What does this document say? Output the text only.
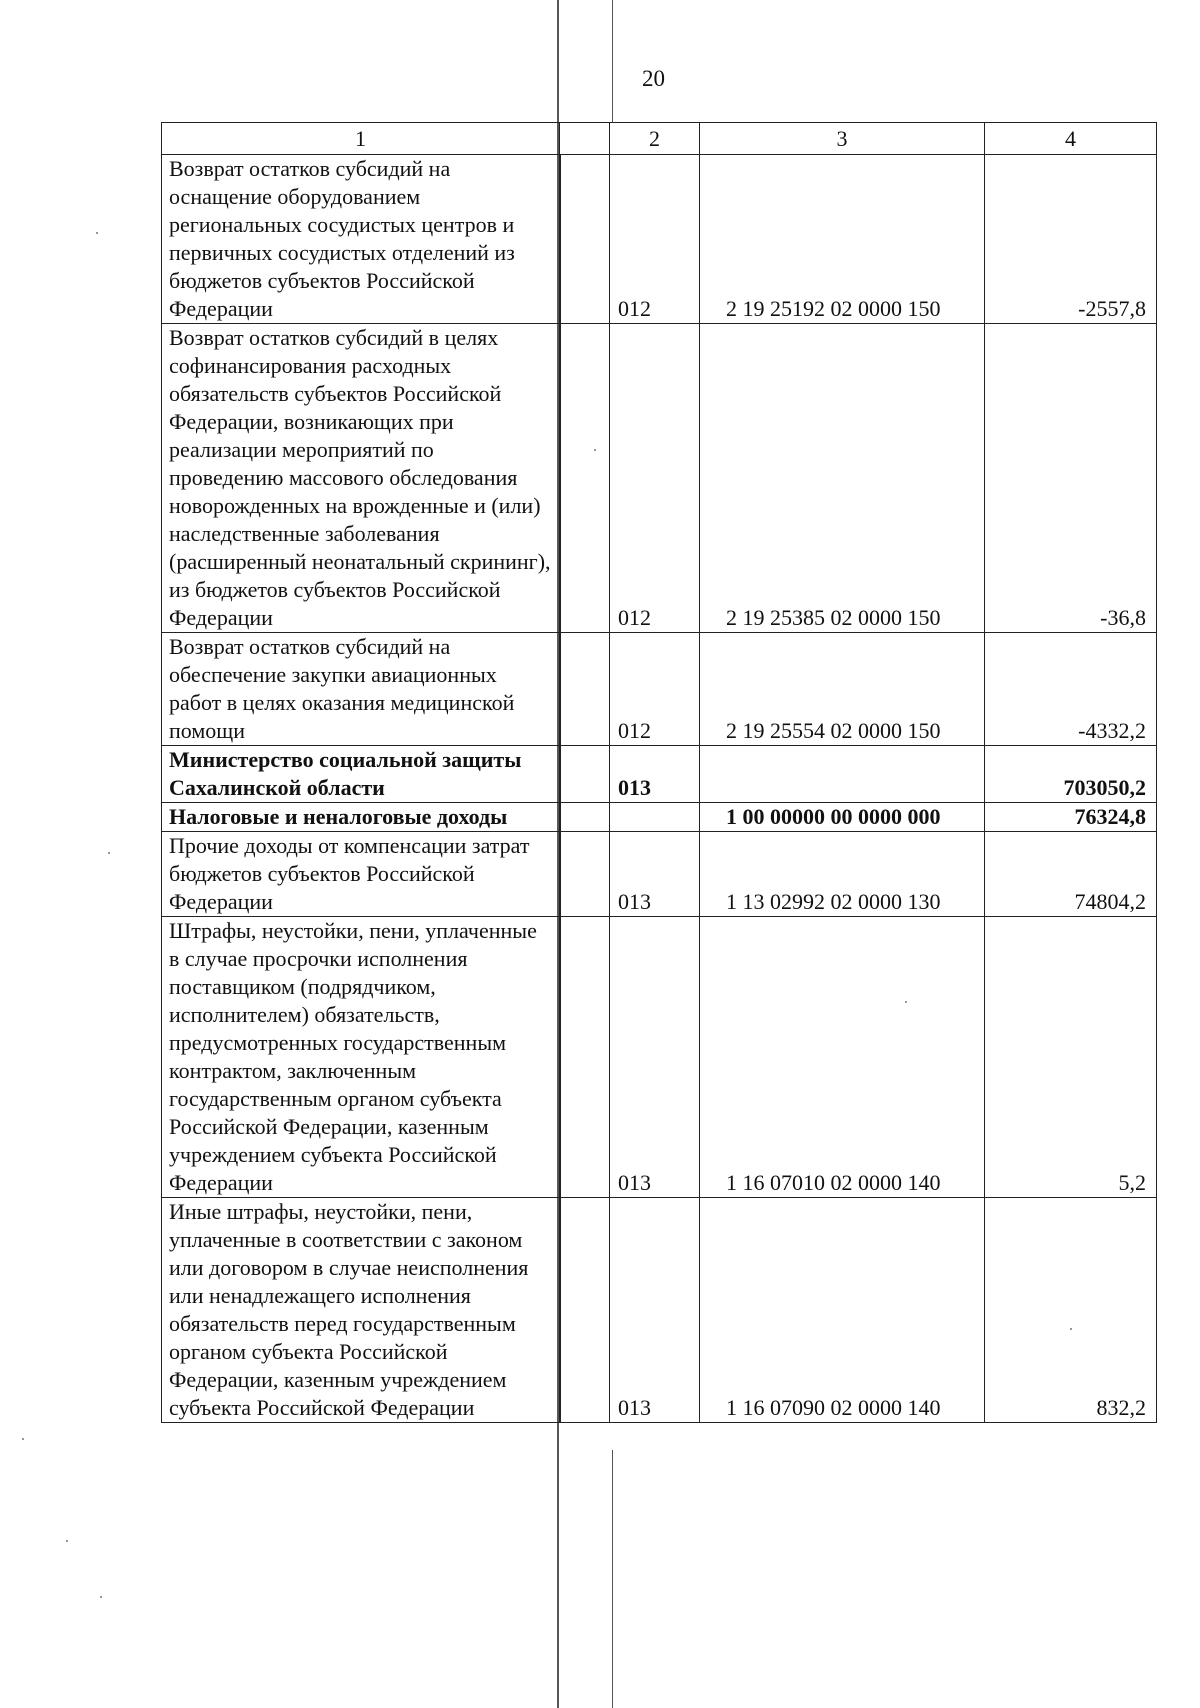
20
1		2	3	4
Возврат остатков субсидий на оснащение оборудованием региональных сосудистых центров и первичных сосудистых отделений из бюджетов субъектов Российской Федерации		012	2 19 25192 02 0000 150	-2557,8
Возврат остатков субсидий в целях софинансирования расходных обязательств субъектов Российской Федерации, возникающих при реализации мероприятий по проведению массового обследования новорожденных на врожденные и (или) наследственные заболевания (расширенный неонатальный скрининг), из бюджетов субъектов Российской Федерации		012	2 19 25385 02 0000 150	-36,8
Возврат остатков субсидий на обеспечение закупки авиационных работ в целях оказания медицинской помощи		012	2 19 25554 02 0000 150	-4332,2
Министерство социальной защиты Сахалинской области		013		703050,2
Налоговые и неналоговые доходы			1 00 00000 00 0000 000	76324,8
Прочие доходы от компенсации затрат бюджетов субъектов Российской Федерации		013	1 13 02992 02 0000 130	74804,2
Штрафы, неустойки, пени, уплаченные в случае просрочки исполнения поставщиком (подрядчиком, исполнителем) обязательств, предусмотренных государственным контрактом, заключенным государственным органом субъекта Российской Федерации, казенным учреждением субъекта Российской Федерации		013	1 16 07010 02 0000 140	5,2
Иные штрафы, неустойки, пени, уплаченные в соответствии с законом или договором в случае неисполнения или ненадлежащего исполнения обязательств перед государственным органом субъекта Российской Федерации, казенным учреждением субъекта Российской Федерации		013	1 16 07090 02 0000 140	832,2
